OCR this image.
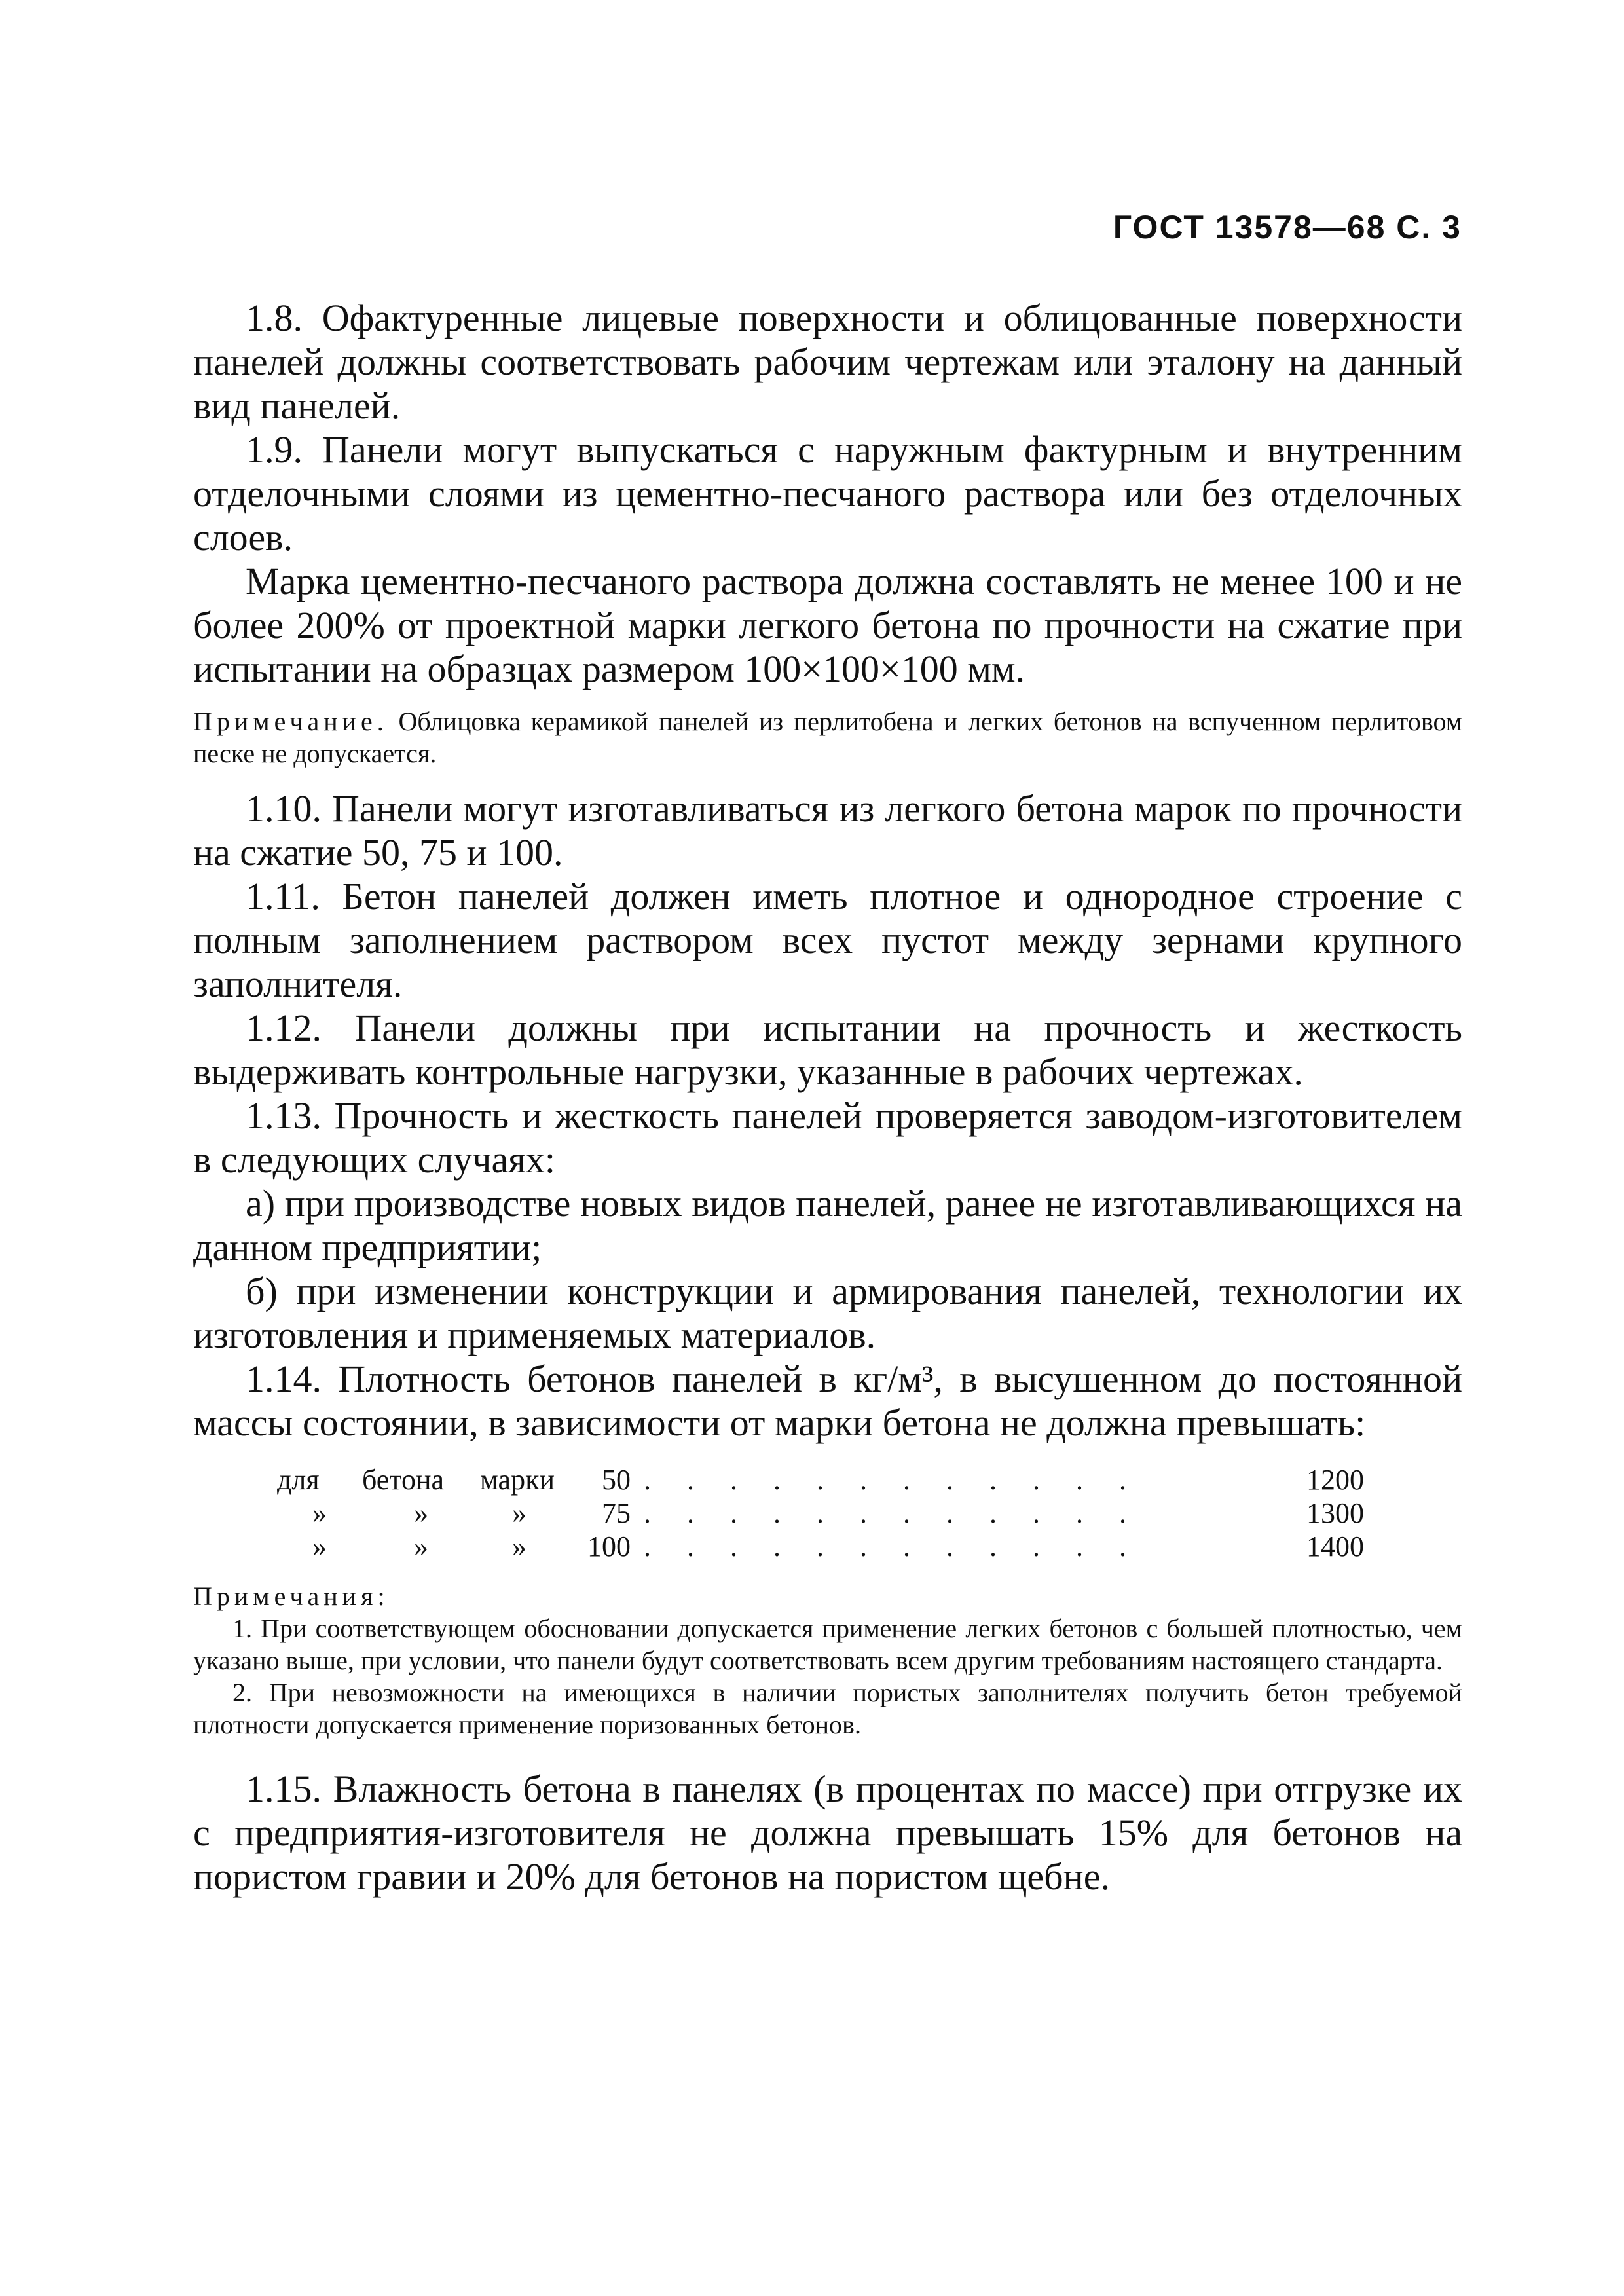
ГОСТ 13578—68 С. 3

1.8. Офактуренные лицевые поверхности и облицованные поверхности панелей должны соответствовать рабочим чертежам или эталону на данный вид панелей.

1.9. Панели могут выпускаться с наружным фактурным и внутренним отделочными слоями из цементно-песчаного раствора или без отделочных слоев.

Марка цементно-песчаного раствора должна составлять не менее 100 и не более 200% от проектной марки легкого бетона по прочности на сжатие при испытании на образцах размером 100×100×100 мм.

Примечание. Облицовка керамикой панелей из перлитобена и легких бетонов на вспученном перлитовом песке не допускается.

1.10. Панели могут изготавливаться из легкого бетона марок по прочности на сжатие 50, 75 и 100.

1.11. Бетон панелей должен иметь плотное и однородное строение с полным заполнением раствором всех пустот между зернами крупного заполнителя.

1.12. Панели должны при испытании на прочность и жесткость выдерживать контрольные нагрузки, указанные в рабочих чертежах.

1.13. Прочность и жесткость панелей проверяется заводом-изготовителем в следующих случаях:

а) при производстве новых видов панелей, ранее не изготавливающихся на данном предприятии;

б) при изменении конструкции и армирования панелей, технологии их изготовления и применяемых материалов.

1.14. Плотность бетонов панелей в кг/м³, в высушенном до постоянной массы состоянии, в зависимости от марки бетона не должна превышать:

для	бетона	марки	50	. . . . . . . . . . . .	1200
»	»	»	75	. . . . . . . . . . . .	1300
»	»	»	100	. . . . . . . . . . . .	1400
Примечания:

1. При соответствующем обосновании допускается применение легких бетонов с большей плотностью, чем указано выше, при условии, что панели будут соответствовать всем другим требованиям настоящего стандарта.

2. При невозможности на имеющихся в наличии пористых заполнителях получить бетон требуемой плотности допускается применение поризованных бетонов.

1.15. Влажность бетона в панелях (в процентах по массе) при отгрузке их с предприятия-изготовителя не должна превышать 15% для бетонов на пористом гравии и 20% для бетонов на пористом щебне.
